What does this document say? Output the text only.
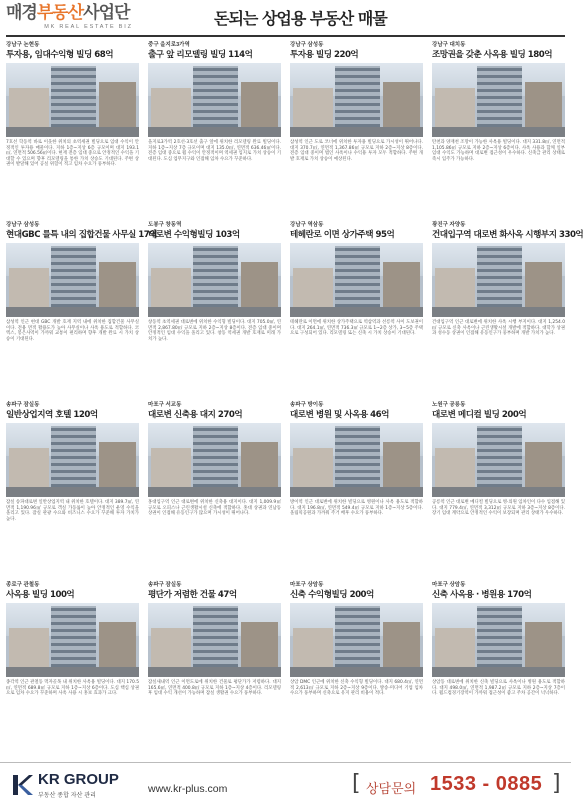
매경부동산사업단
MK REAL ESTATE BIZ	돈되는 상업용 부동산 매물
강남구 논현동
투자용, 임대수익형 빌딩 68억

7호선 학동역 바로 이웃한 위치의 초역세권 빌딩으로 임대 수익이 안정적인 투자용 매물이다. 지하 1층~지상 6층 규모이며 대지 193.1㎡, 연면적 506.56㎡이다. 현재 전층 임대 중으로 안정적인 수익을 기대할 수 있으며 향후 리모델링을 통한 가치 상승도 기대된다. 주변 상권이 발달해 있어 공실 위험이 적고 임차 수요가 풍부하다.

중구 을지로3가역
출구 앞 리모델링 빌딩 114억

을지로3가역 2호선·3호선 출구 앞에 위치한 리모델링 완료 빌딩이다. 지하 1층~지상 7층 규모이며 대지 135.0㎡, 연면적 636.46㎡이다. 전층 임대 중으로 월 수익이 안정적이며 역세권 입지로 가치 상승이 기대된다. 도심 업무지구와 인접해 임차 수요가 꾸준하다.

강남구 삼성동
투자용 빌딩 220억

삼성역 인근 도로 코너에 위치한 투자용 빌딩으로 가시성이 뛰어나다. 대지 370.7㎡, 연면적 1,367.86㎡ 규모로 지하 2층~지상 8층이다. 전층 임대 중이며 법인 사옥이나 수익용 투자 모두 적합하다. 주변 개발 호재로 가치 상승이 예상된다.

강남구 대치동
조망권을 갖춘 사옥용 빌딩 180억

탄천과 양재천 조망이 가능한 사옥용 빌딩이다. 대지 331.8㎡, 연면적 1,105.86㎡ 규모로 지하 2층~지상 6층이다. 사옥 사용과 함께 일부 임대 수익도 가능하며 대로변 접근성이 우수하다. 신축급 관리 상태로 즉시 입주가 가능하다.

강남구 삼성동
현대GBC 를특 내의 집합건물 사무실 17억

삼성역 인근 현대 GBC 개발 호재 지역 내에 위치한 집합건물 사무실이다. 전용 면적 활용도가 높아 사무실이나 사옥 용도로 적합하다. 코엑스, 봉은사역이 가까워 교통이 편리하며 향후 개발 완료 시 가치 상승이 기대된다.

도봉구 창동역
대로변 수익형빌딩 103억

창동역 초역세권 대로변에 위치한 수익형 빌딩이다. 대지 705.0㎡, 연면적 2,867.80㎡ 규모로 지하 2층~지상 8층이다. 전층 임대 중이며 안정적인 임대 수익을 올리고 있다. 창동 역세권 개발 호재로 미래 가치가 높다.

강남구 역삼동
테헤란로 이면 상가주택 95억

테헤란로 이면에 위치한 상가주택으로 역삼역과 선릉역 사이 도보권이다. 대지 264.1㎡, 연면적 736.3㎡ 규모로 1~2층 상가, 3~5층 주택으로 구성되어 있다. 리모델링 또는 신축 시 가치 상승이 기대된다.

광진구 자양동
건대입구역 대로변 화사옥 시행부지 330억

건대입구역 인근 대로변에 위치한 사옥 시행 부지이다. 대지 1,254.0㎡ 규모로 신축 사옥이나 근린생활시설 개발에 적합하다. 대학가 상권과 성수동 상권이 인접해 유동인구가 풍부하며 개발 가치가 높다.

송파구 잠실동
일반상업지역 호텔 120억

잠실 송파대로변 일반상업지역 내 위치한 호텔이다. 대지 389.7㎡, 연면적 1,190.96㎡ 규모로 객실 가동률이 높아 안정적인 운영 수익을 올리고 있다. 잠실 관광 수요와 비즈니스 수요가 꾸준해 투자 가치가 높다.

마포구 서교동
대로변 신축용 대지 270억

홍대입구역 인근 대로변에 위치한 신축용 대지이다. 대지 1,009.9㎡ 규모로 오피스나 근린생활시설 신축에 적합하다. 홍대 상권과 연남동 상권이 인접해 유동인구가 많으며 가시성이 뛰어나다.

송파구 방이동
대로변 병원 및 사옥용 46억

방이역 인근 대로변에 위치한 빌딩으로 병원이나 사옥 용도로 적합하다. 대지 196.8㎡, 연면적 549.4㎡ 규모로 지하 1층~지상 5층이다. 올림픽공원과 가까워 주거 배후 수요가 풍부하다.

노원구 공릉동
대로변 메디컬 빌딩 200억

공릉역 인근 대로변 메디컬 빌딩으로 병·의원 임차인이 다수 입점해 있다. 대지 779.4㎡, 연면적 3,312㎡ 규모로 지하 3층~지상 8층이다. 장기 임대 계약으로 안정적인 수익이 보장되며 관리 상태가 우수하다.

종로구 관철동
사옥용 빌딩 100억

종각역 인근 관철동 먹자골목 내 위치한 사옥용 빌딩이다. 대지 170.5㎡, 연면적 689.8㎡ 규모로 지하 1층~지상 6층이다. 도심 핵심 상권으로 임차 수요가 꾸준하며 사옥 사용 시 홍보 효과가 크다.

송파구 잠실동
평단가 저렴한 건물 47억

잠실새내역 인근 이면도로에 위치한 건물로 평단가가 저렴하다. 대지 165.6㎡, 연면적 400.8㎡ 규모로 지하 1층~지상 4층이다. 리모델링 후 임대 수익 개선이 가능하며 잠실 생활권 수요가 풍부하다.

마포구 상암동
신축 수익형빌딩 200억

상암 DMC 인근에 위치한 신축 수익형 빌딩이다. 대지 680.4㎡, 연면적 2,613㎡ 규모로 지하 2층~지상 9층이다. 방송·미디어 기업 임차 수요가 풍부하며 신축으로 유지 관리 비용이 적다.

마포구 상암동
신축 사옥용 · 병원용 170억

상암동 대로변에 위치한 신축 빌딩으로 사옥이나 병원 용도로 적합하다. 대지 498.0㎡, 연면적 1,987.2㎡ 규모로 지하 2층~지상 7층이다. 월드컵경기장역이 가까워 접근성이 좋고 주차 공간이 넉넉하다.

KR GROUP
부동산 종합 자산 관리
www.kr-plus.com	[ 상담문의 1533 - 0885 ]
